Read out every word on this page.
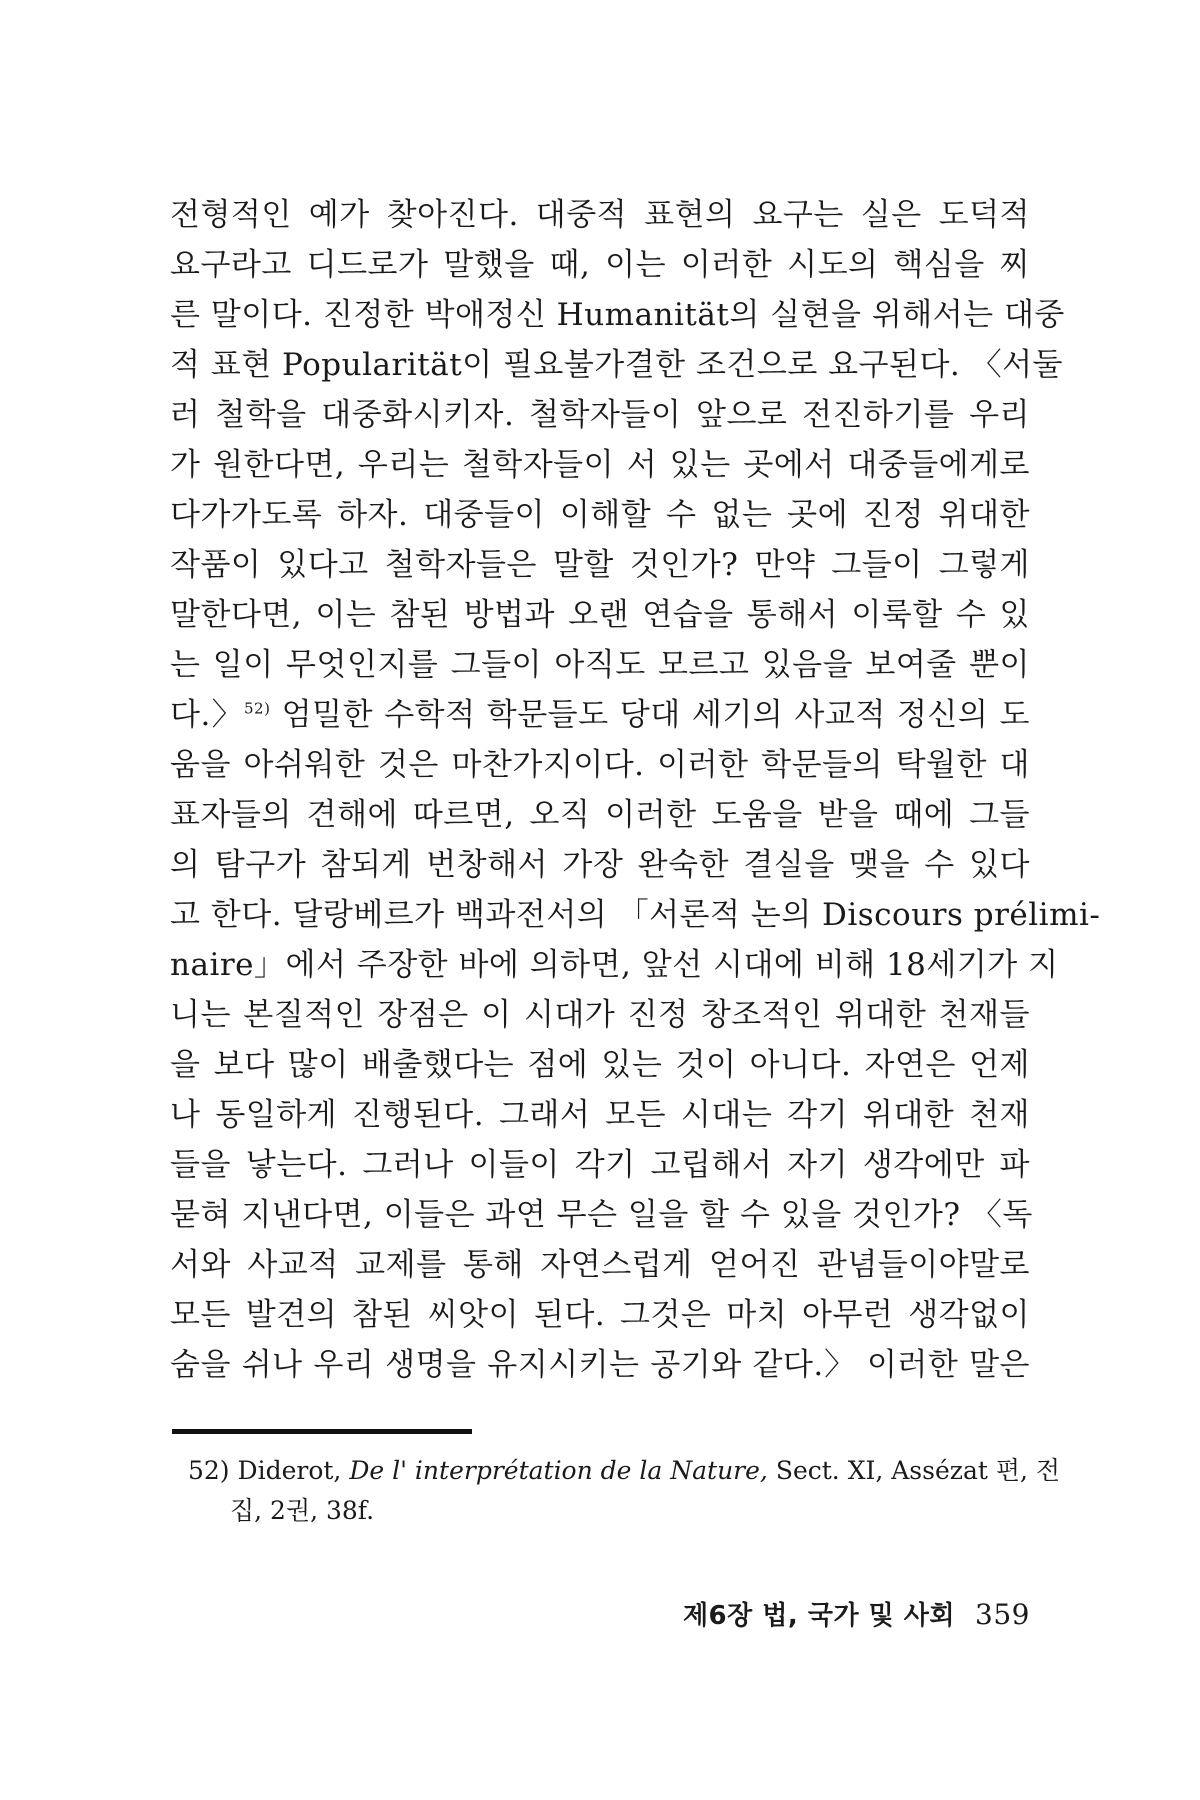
전형적인 예가 찾아진다. 대중적 표현의 요구는 실은 도덕적
요구라고 디드로가 말했을 때, 이는 이러한 시도의 핵심을 찌
른 말이다. 진정한 박애정신 Humanität의 실현을 위해서는 대중
적 표현 Popularität이 필요불가결한 조건으로 요구된다. 〈서둘
러 철학을 대중화시키자. 철학자들이 앞으로 전진하기를 우리
가 원한다면, 우리는 철학자들이 서 있는 곳에서 대중들에게로
다가가도록 하자. 대중들이 이해할 수 없는 곳에 진정 위대한
작품이 있다고 철학자들은 말할 것인가? 만약 그들이 그렇게
말한다면, 이는 참된 방법과 오랜 연습을 통해서 이룩할 수 있
는 일이 무엇인지를 그들이 아직도 모르고 있음을 보여줄 뿐이
다.〉$^{52)}$ 엄밀한 수학적 학문들도 당대 세기의 사교적 정신의 도
움을 아쉬워한 것은 마찬가지이다. 이러한 학문들의 탁월한 대
표자들의 견해에 따르면, 오직 이러한 도움을 받을 때에 그들
의 탐구가 참되게 번창해서 가장 완숙한 결실을 맺을 수 있다
고 한다. 달랑베르가 백과전서의 「서론적 논의 Discours prélimi-
naire」에서 주장한 바에 의하면, 앞선 시대에 비해 18세기가 지
니는 본질적인 장점은 이 시대가 진정 창조적인 위대한 천재들
을 보다 많이 배출했다는 점에 있는 것이 아니다. 자연은 언제
나 동일하게 진행된다. 그래서 모든 시대는 각기 위대한 천재
들을 낳는다. 그러나 이들이 각기 고립해서 자기 생각에만 파
묻혀 지낸다면, 이들은 과연 무슨 일을 할 수 있을 것인가? 〈독
서와 사교적 교제를 통해 자연스럽게 얻어진 관념들이야말로
모든 발견의 참된 씨앗이 된다. 그것은 마치 아무런 생각없이
숨을 쉬나 우리 생명을 유지시키는 공기와 같다.〉 이러한 말은
52) Diderot, De l' interprétation de la Nature, Sect. XI, Assézat 편, 전
집, 2권, 38f.
제6장 법, 국가 및 사회 359
